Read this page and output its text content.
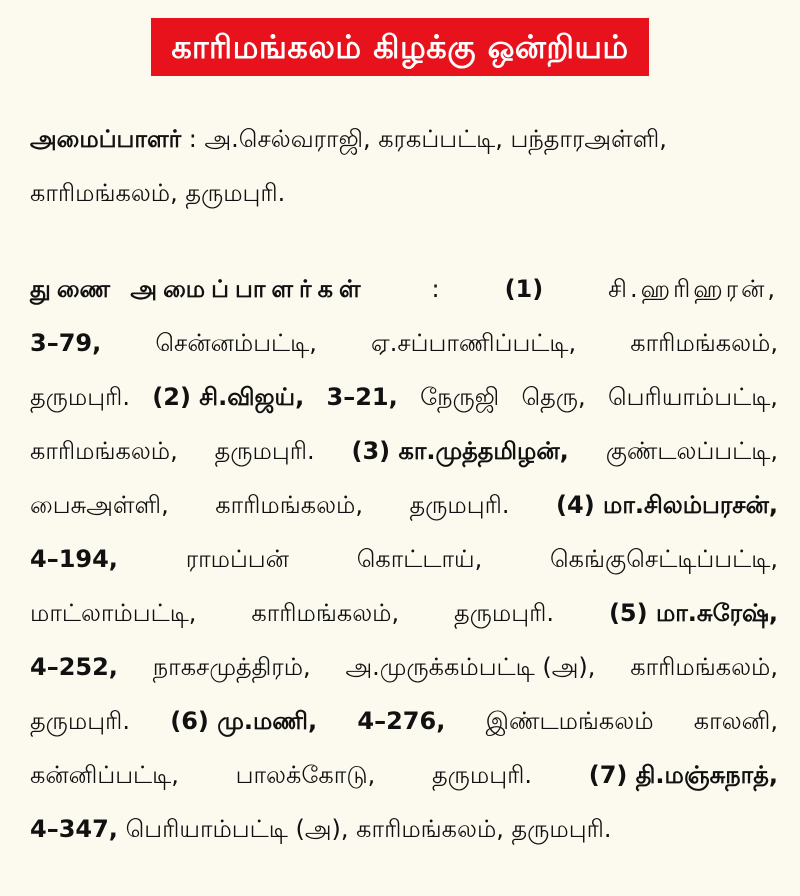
காரிமங்கலம் கிழக்கு ஒன்றியம்
அமைப்பாளர் : அ.செல்வராஜி, கரகப்பட்டி, பந்தாரஅள்ளி,
காரிமங்கலம், தருமபுரி.
துணை அமைப்பாளர்கள்	:	(1)	சி.ஹரிஹரன்,
3–79, சென்னம்பட்டி, ஏ.சப்பாணிப்பட்டி, காரிமங்கலம்,
தருமபுரி. (2) சி.விஜய், 3–21, நேருஜி தெரு, பெரியாம்பட்டி,
காரிமங்கலம், தருமபுரி. (3) கா.முத்தமிழன், குண்டலப்பட்டி,
பைசுஅள்ளி, காரிமங்கலம், தருமபுரி. (4) மா.சிலம்பரசன்,
4–194,	ராமப்பன்	கொட்டாய்,	கெங்குசெட்டிப்பட்டி,
மாட்லாம்பட்டி, காரிமங்கலம், தருமபுரி. (5) மா.சுரேஷ்,
4–252, நாகசமுத்திரம், அ.முருக்கம்பட்டி (அ), காரிமங்கலம்,
தருமபுரி. (6) மு.மணி, 4–276, இண்டமங்கலம் காலனி,
கன்னிப்பட்டி, பாலக்கோடு, தருமபுரி. (7) தி.மஞ்சுநாத்,
4–347, பெரியாம்பட்டி (அ), காரிமங்கலம், தருமபுரி.
